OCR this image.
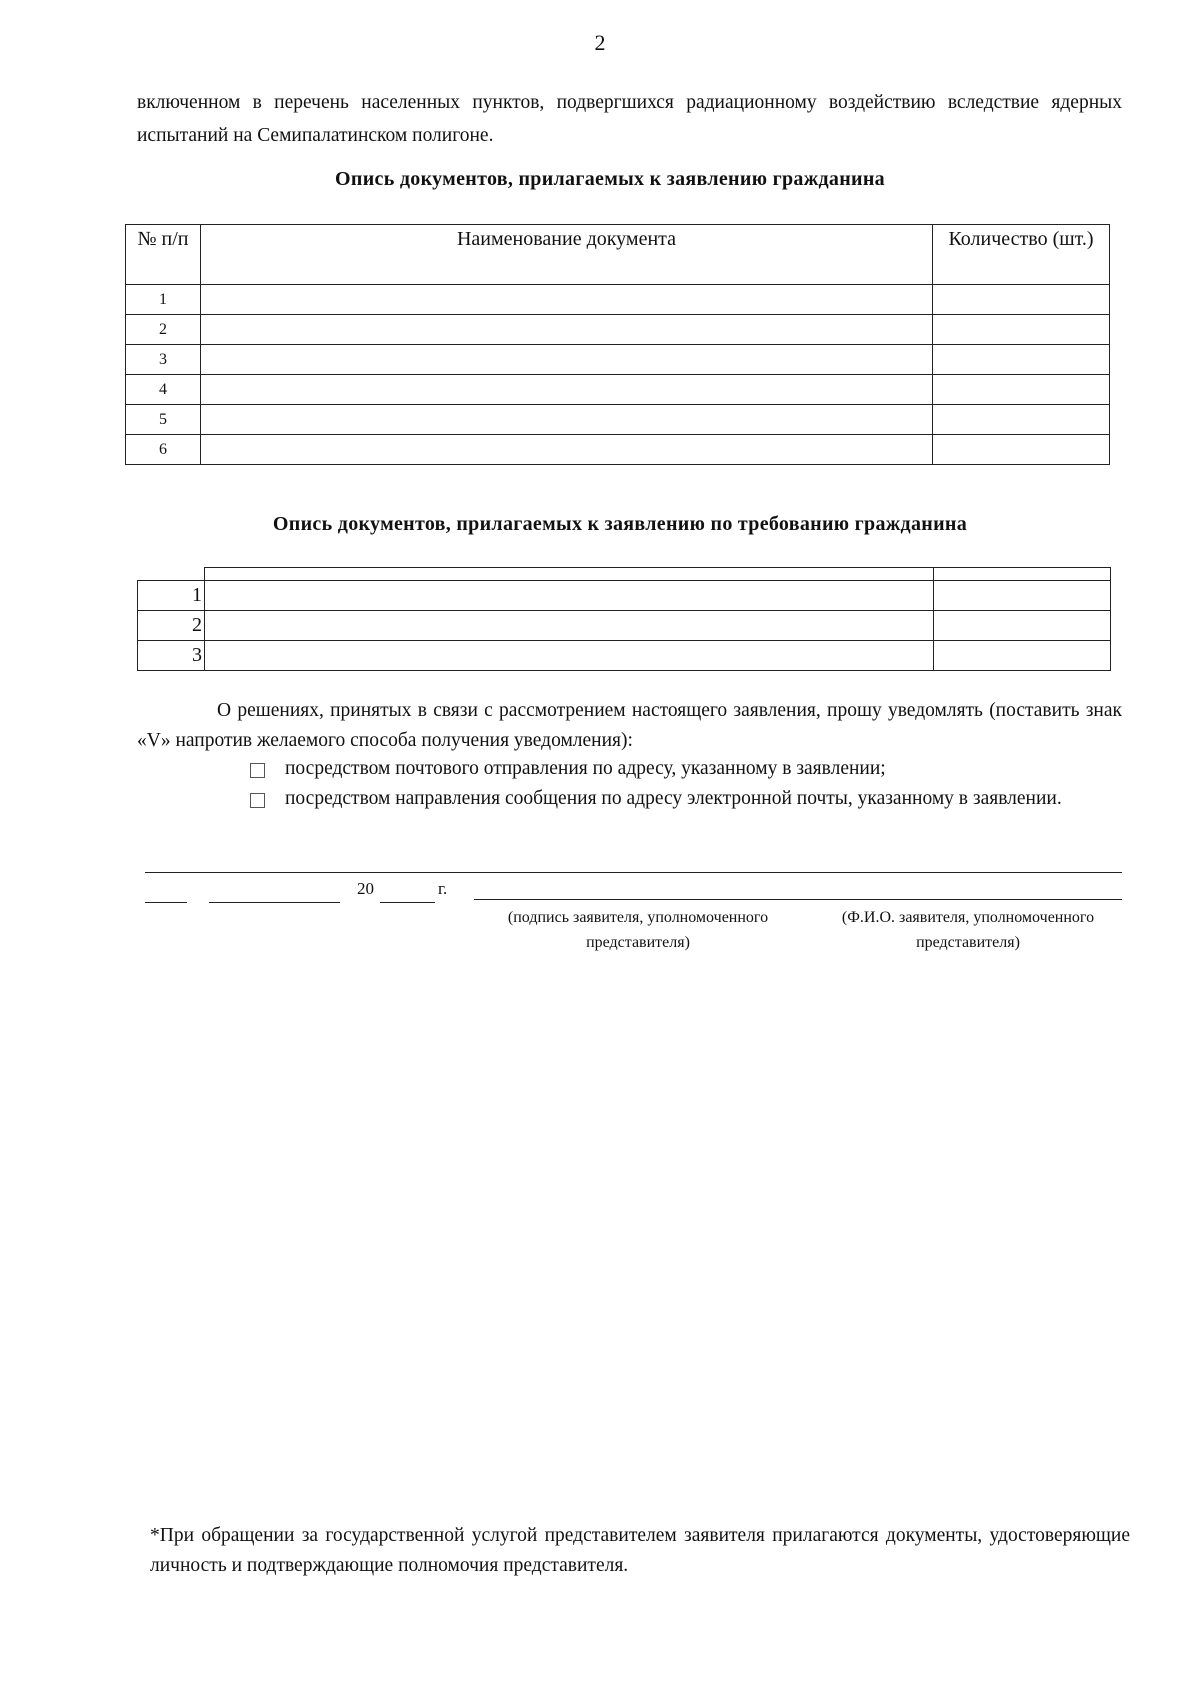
2
включенном в перечень населенных пунктов, подвергшихся радиационному воздействию вследствие ядерных испытаний на Семипалатинском полигоне.
Опись документов, прилагаемых к заявлению гражданина
№ п/п	Наименование документа	Количество (шт.)
1		
2		
3		
4		
5		
6		
Опись документов, прилагаемых к заявлению по требованию гражданина

1		
2		
3		
О решениях, принятых в связи с рассмотрением настоящего заявления, прошу уведомлять (поставить знак «V» напротив желаемого способа получения уведомления):
посредством почтового отправления по адресу, указанному в заявлении;
посредством направления сообщения по адресу электронной почты, указанному в заявлении.
20	г.
(подпись заявителя, уполномоченного представителя)
(Ф.И.О. заявителя, уполномоченного представителя)
*При обращении за государственной услугой представителем заявителя прилагаются документы, удостоверяющие личность и подтверждающие полномочия представителя.
